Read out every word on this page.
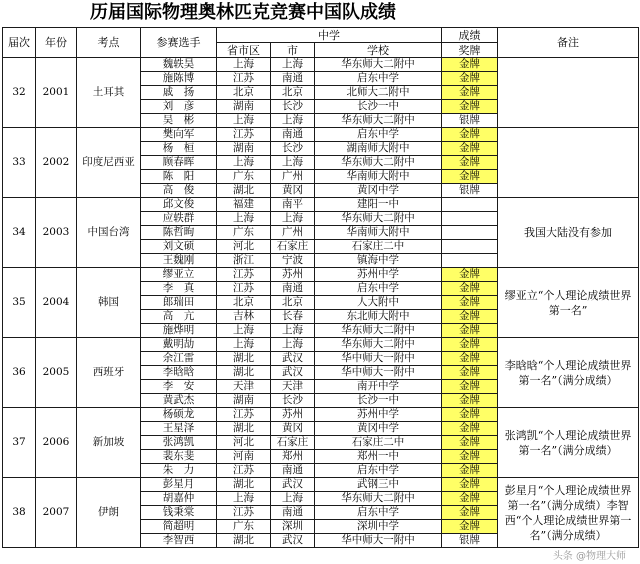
历届国际物理奥林匹克竞赛中国队成绩
届次	年份	考点	参赛选手	中学			成绩	备注
				省市区	市	学校	奖牌	
32	2001	土耳其	魏轶昊	上海	上海	华东师大二附中	金牌	
			施陈博	江苏	南通	启东中学	金牌	
			戚　扬	北京	北京	北师大二附中	金牌	
			刘　彦	湖南	长沙	长沙一中	金牌	
			吴　彬	上海	上海	华东师大二附中	银牌	
33	2002	印度尼西亚	樊向军	江苏	南通	启东中学	金牌	
			杨　桓	湖南	长沙	湖南师大附中	金牌	
			顾春晖	上海	上海	华东师大二附中	金牌	
			陈　阳	广东	广州	华南师大附中	金牌	
			高　俊	湖北	黄冈	黄冈中学	银牌	
34	2003	中国台湾	邱文俊	福建	南平	建阳一中		我国大陆没有参加
			应轶群	上海	上海	华东师大二附中		
			陈哲昫	广东	广州	华南师大附中		
			刘文硕	河北	石家庄	石家庄二中		
			王魏刚	浙江	宁波	镇海中学		
35	2004	韩国	缪亚立	江苏	苏州	苏州中学	金牌	缪亚立“个人理论成绩世界第一名”
			李　真	江苏	南通	启东中学	金牌	
			郎瑞田	北京	北京	人大附中	金牌	
			高　亢	吉林	长春	东北师大附中	金牌	
			施烨明	上海	上海	华东师大二附中	金牌	
36	2005	西班牙	戴明劼	上海	上海	华东师大二附中	金牌	李晗晗“个人理论成绩世界第一名”（满分成绩）
			余江雷	湖北	武汉	华中师大一附中	金牌	
			李晗晗	湖北	武汉	华中师大一附中	金牌	
			李　安	天津	天津	南开中学	金牌	
			黄武杰	湖南	长沙	长沙一中	金牌	
37	2006	新加坡	杨硕龙	江苏	苏州	苏州中学	金牌	张鸿凯“个人理论成绩世界第一名”（满分成绩）
			王星泽	湖北	黄冈	黄冈中学	金牌	
			张鸿凯	河北	石家庄	石家庄二中	金牌	
			裴东斐	河南	郑州	郑州一中	金牌	
			朱　力	江苏	南通	启东中学	金牌	
38	2007	伊朗	彭星月	湖北	武汉	武钢三中	金牌	彭星月“个人理论成绩世界第一名”（满分成绩）李智西“个人理论成绩世界第一名”（满分成绩）
			胡嘉仲	上海	上海	华东师大二附中	金牌	
			钱秉棠	江苏	南通	启东中学	金牌	
			简超明	广东	深圳	深圳中学	金牌	
			李智西	湖北	武汉	华中师大一附中	银牌	
头条 @物理大师
